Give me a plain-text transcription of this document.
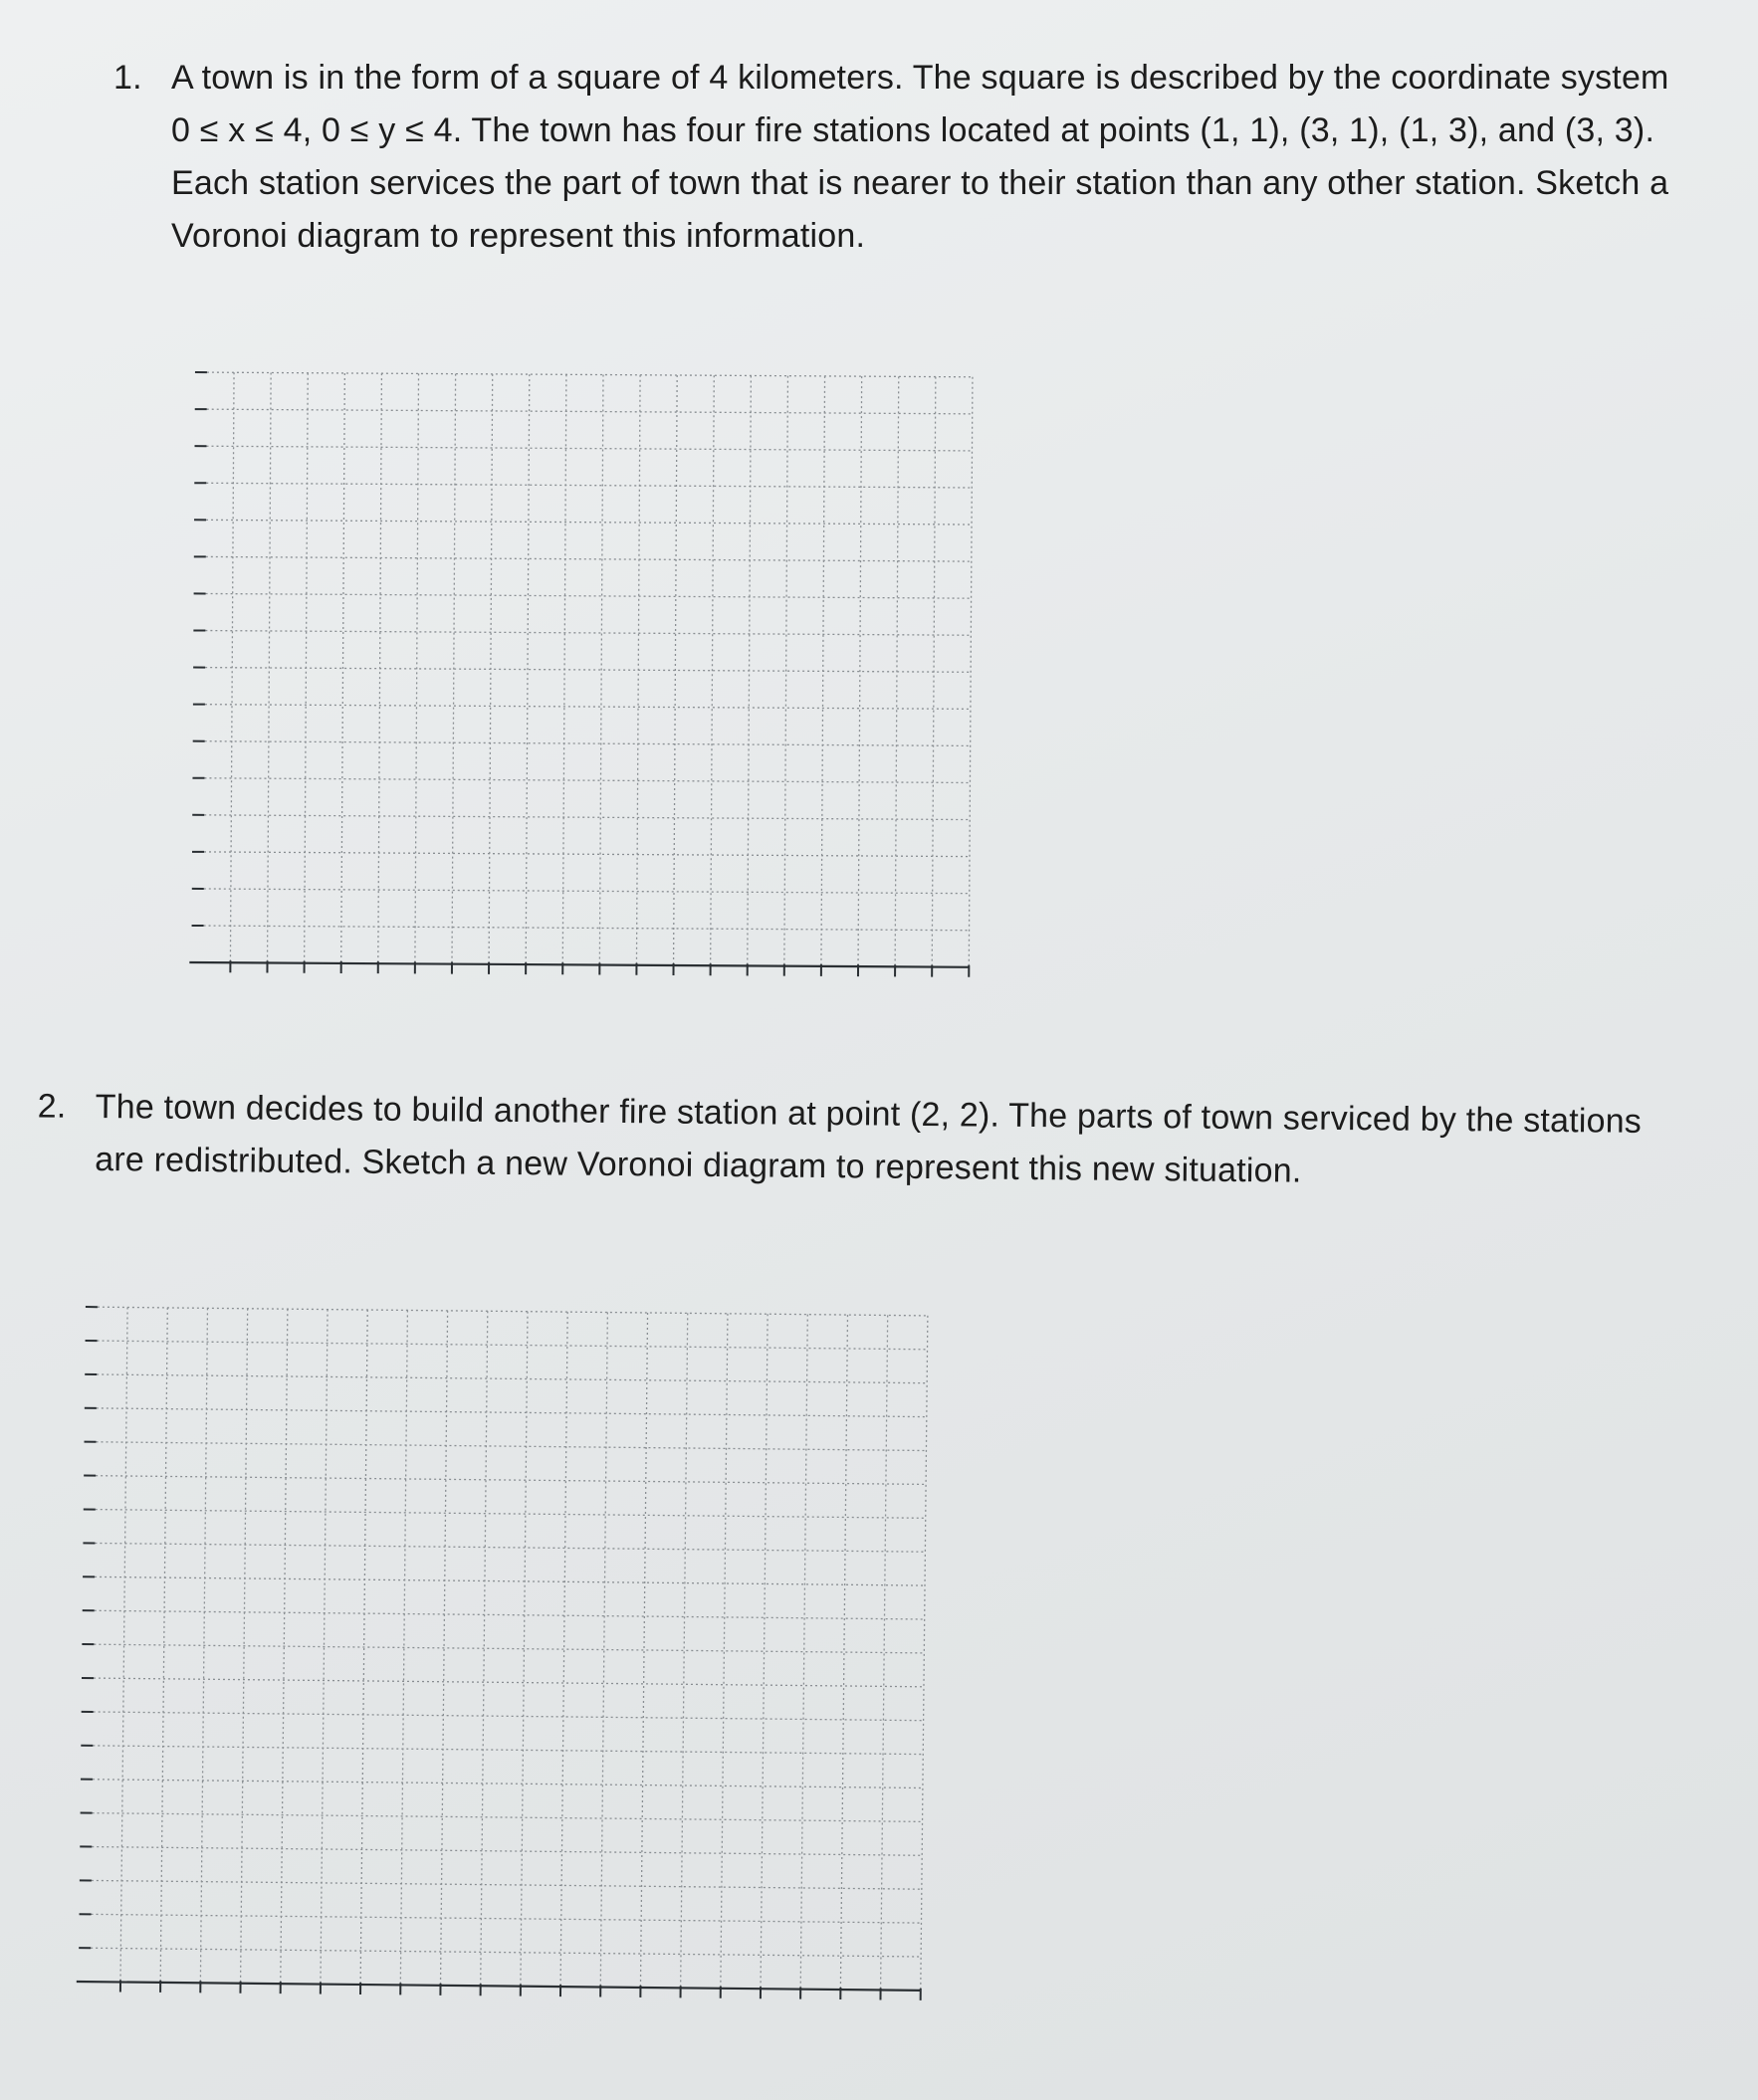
1. A town is in the form of a square of 4 kilometers. The square is described by the coordinate system 0 ≤ x ≤ 4, 0 ≤ y ≤ 4. The town has four fire stations located at points (1, 1), (3, 1), (1, 3), and (3, 3). Each station services the part of town that is nearer to their station than any other station. Sketch a Voronoi diagram to represent this information.
2. The town decides to build another fire station at point (2, 2). The parts of town serviced by the stations are redistributed. Sketch a new Voronoi diagram to represent this new situation.
